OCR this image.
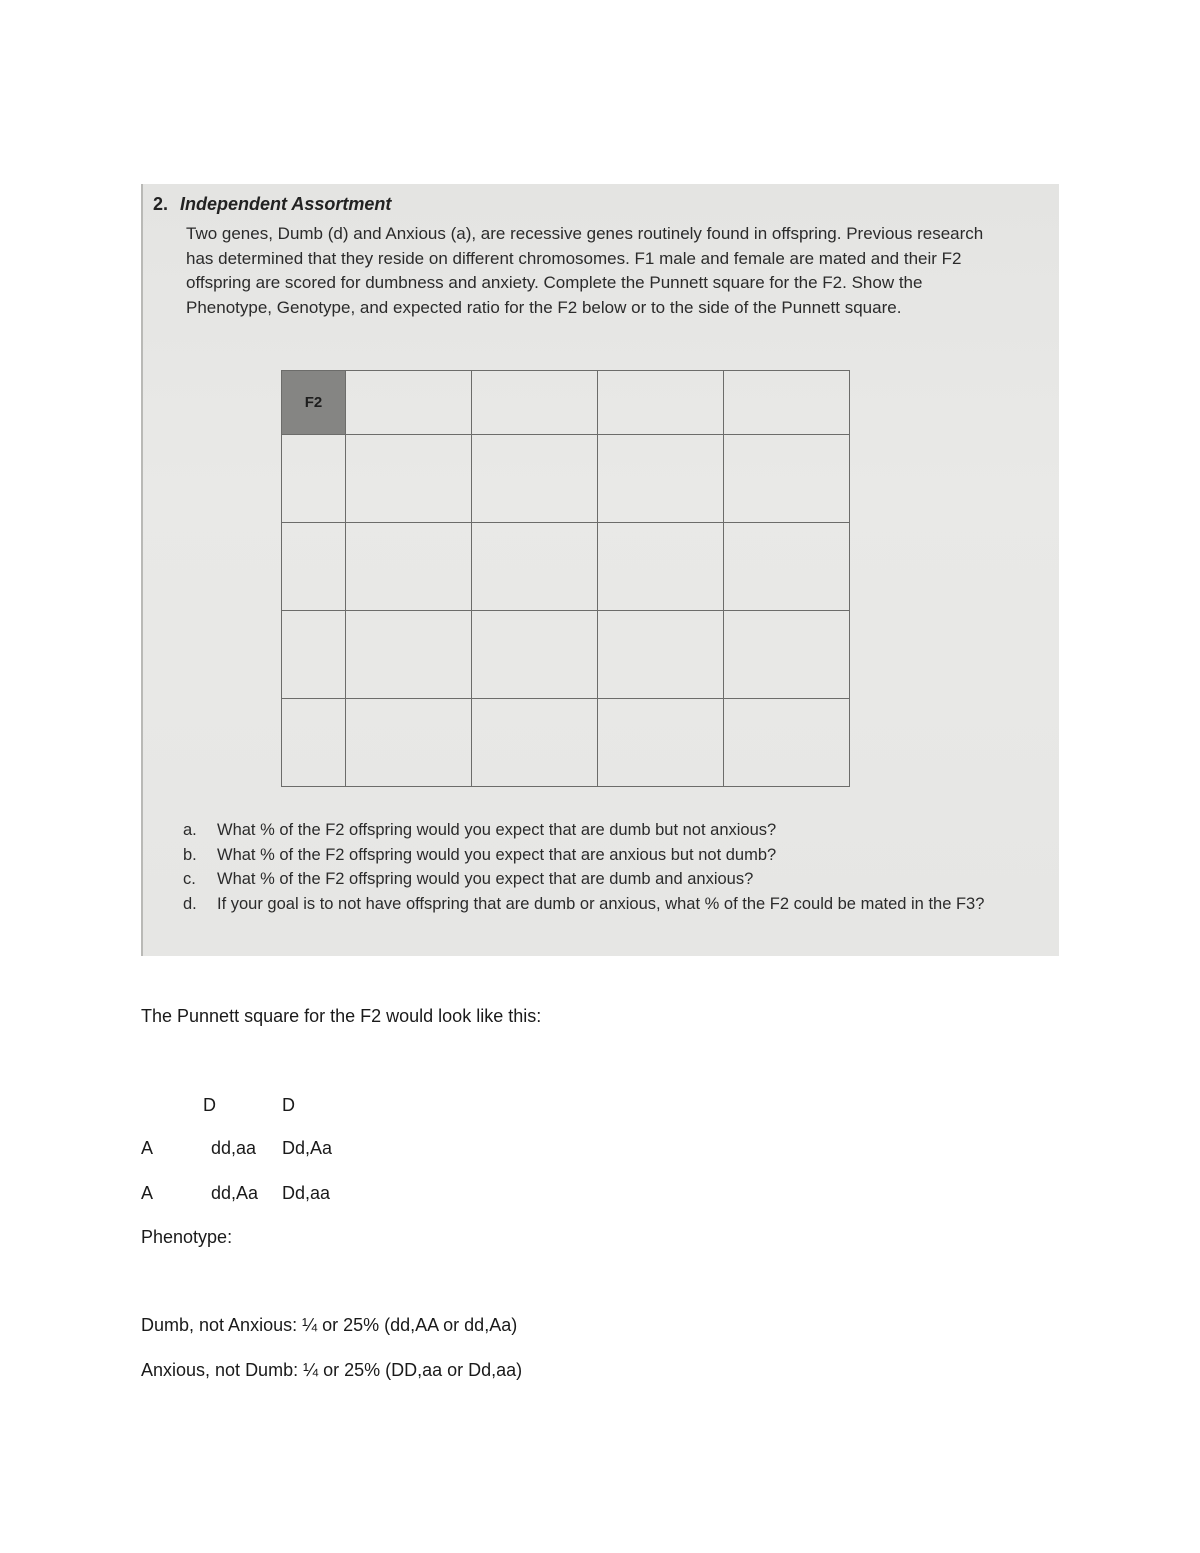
2. Independent Assortment
Two genes, Dumb (d) and Anxious (a), are recessive genes routinely found in offspring. Previous research has determined that they reside on different chromosomes. F1 male and female are mated and their F2 offspring are scored for dumbness and anxiety. Complete the Punnett square for the F2. Show the Phenotype, Genotype, and expected ratio for the F2 below or to the side of the Punnett square.
F2				

a.	What % of the F2 offspring would you expect that are dumb but not anxious?
b.	What % of the F2 offspring would you expect that are anxious but not dumb?
c.	What % of the F2 offspring would you expect that are dumb and anxious?
d.	If your goal is to not have offspring that are dumb or anxious, what % of the F2 could be mated in the F3?
The Punnett square for the F2 would look like this:
D	D
A	dd,aa Dd,Aa
A	dd,Aa Dd,aa
Phenotype:
Dumb, not Anxious: ¼ or 25% (dd,AA or dd,Aa)
Anxious, not Dumb: ¼ or 25% (DD,aa or Dd,aa)
